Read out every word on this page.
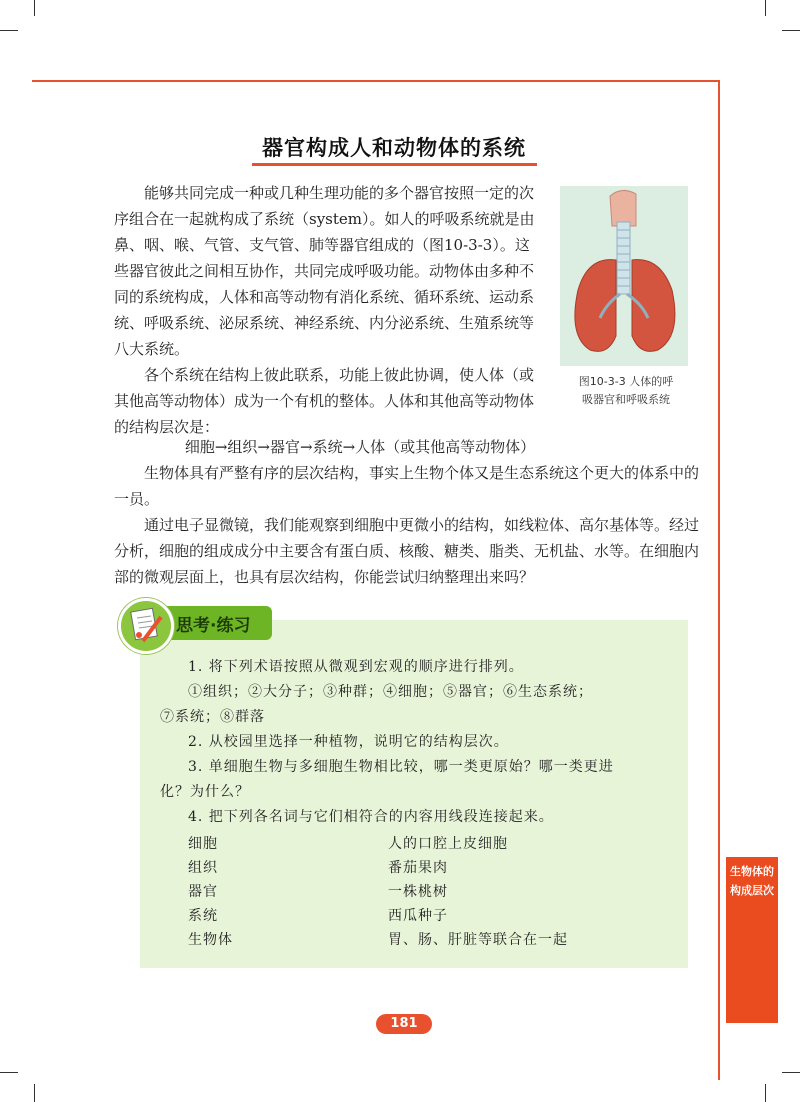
器官构成人和动物体的系统

能够共同完成一种或几种生理功能的多个器官按照一定的次序组合在一起就构成了系统（system）。如人的呼吸系统就是由鼻、咽、喉、气管、支气管、肺等器官组成的（图10-3-3）。这些器官彼此之间相互协作，共同完成呼吸功能。动物体由多种不同的系统构成，人体和高等动物有消化系统、循环系统、运动系统、呼吸系统、泌尿系统、神经系统、内分泌系统、生殖系统等八大系统。

图10-3-3 人体的呼
吸器官和呼吸系统

各个系统在结构上彼此联系，功能上彼此协调，使人体（或其他高等动物体）成为一个有机的整体。人体和其他高等动物体的结构层次是：

细胞→组织→器官→系统→人体（或其他高等动物体）

生物体具有严整有序的层次结构，事实上生物个体又是生态系统这个更大的体系中的一员。

通过电子显微镜，我们能观察到细胞中更微小的结构，如线粒体、高尔基体等。经过分析，细胞的组成成分中主要含有蛋白质、核酸、糖类、脂类、无机盐、水等。在细胞内部的微观层面上，也具有层次结构，你能尝试归纳整理出来吗？

思考·练习

1. 将下列术语按照从微观到宏观的顺序进行排列。

①组织；②大分子；③种群；④细胞；⑤器官；⑥生态系统；

⑦系统；⑧群落

2. 从校园里选择一种植物，说明它的结构层次。

3. 单细胞生物与多细胞生物相比较，哪一类更原始？哪一类更进

化？为什么？

4. 把下列各名词与它们相符合的内容用线段连接起来。

细胞
组织
器官
系统
生物体
人的口腔上皮细胞
番茄果肉
一株桃树
西瓜种子
胃、肠、肝脏等联合在一起
生物体的构成层次
181
